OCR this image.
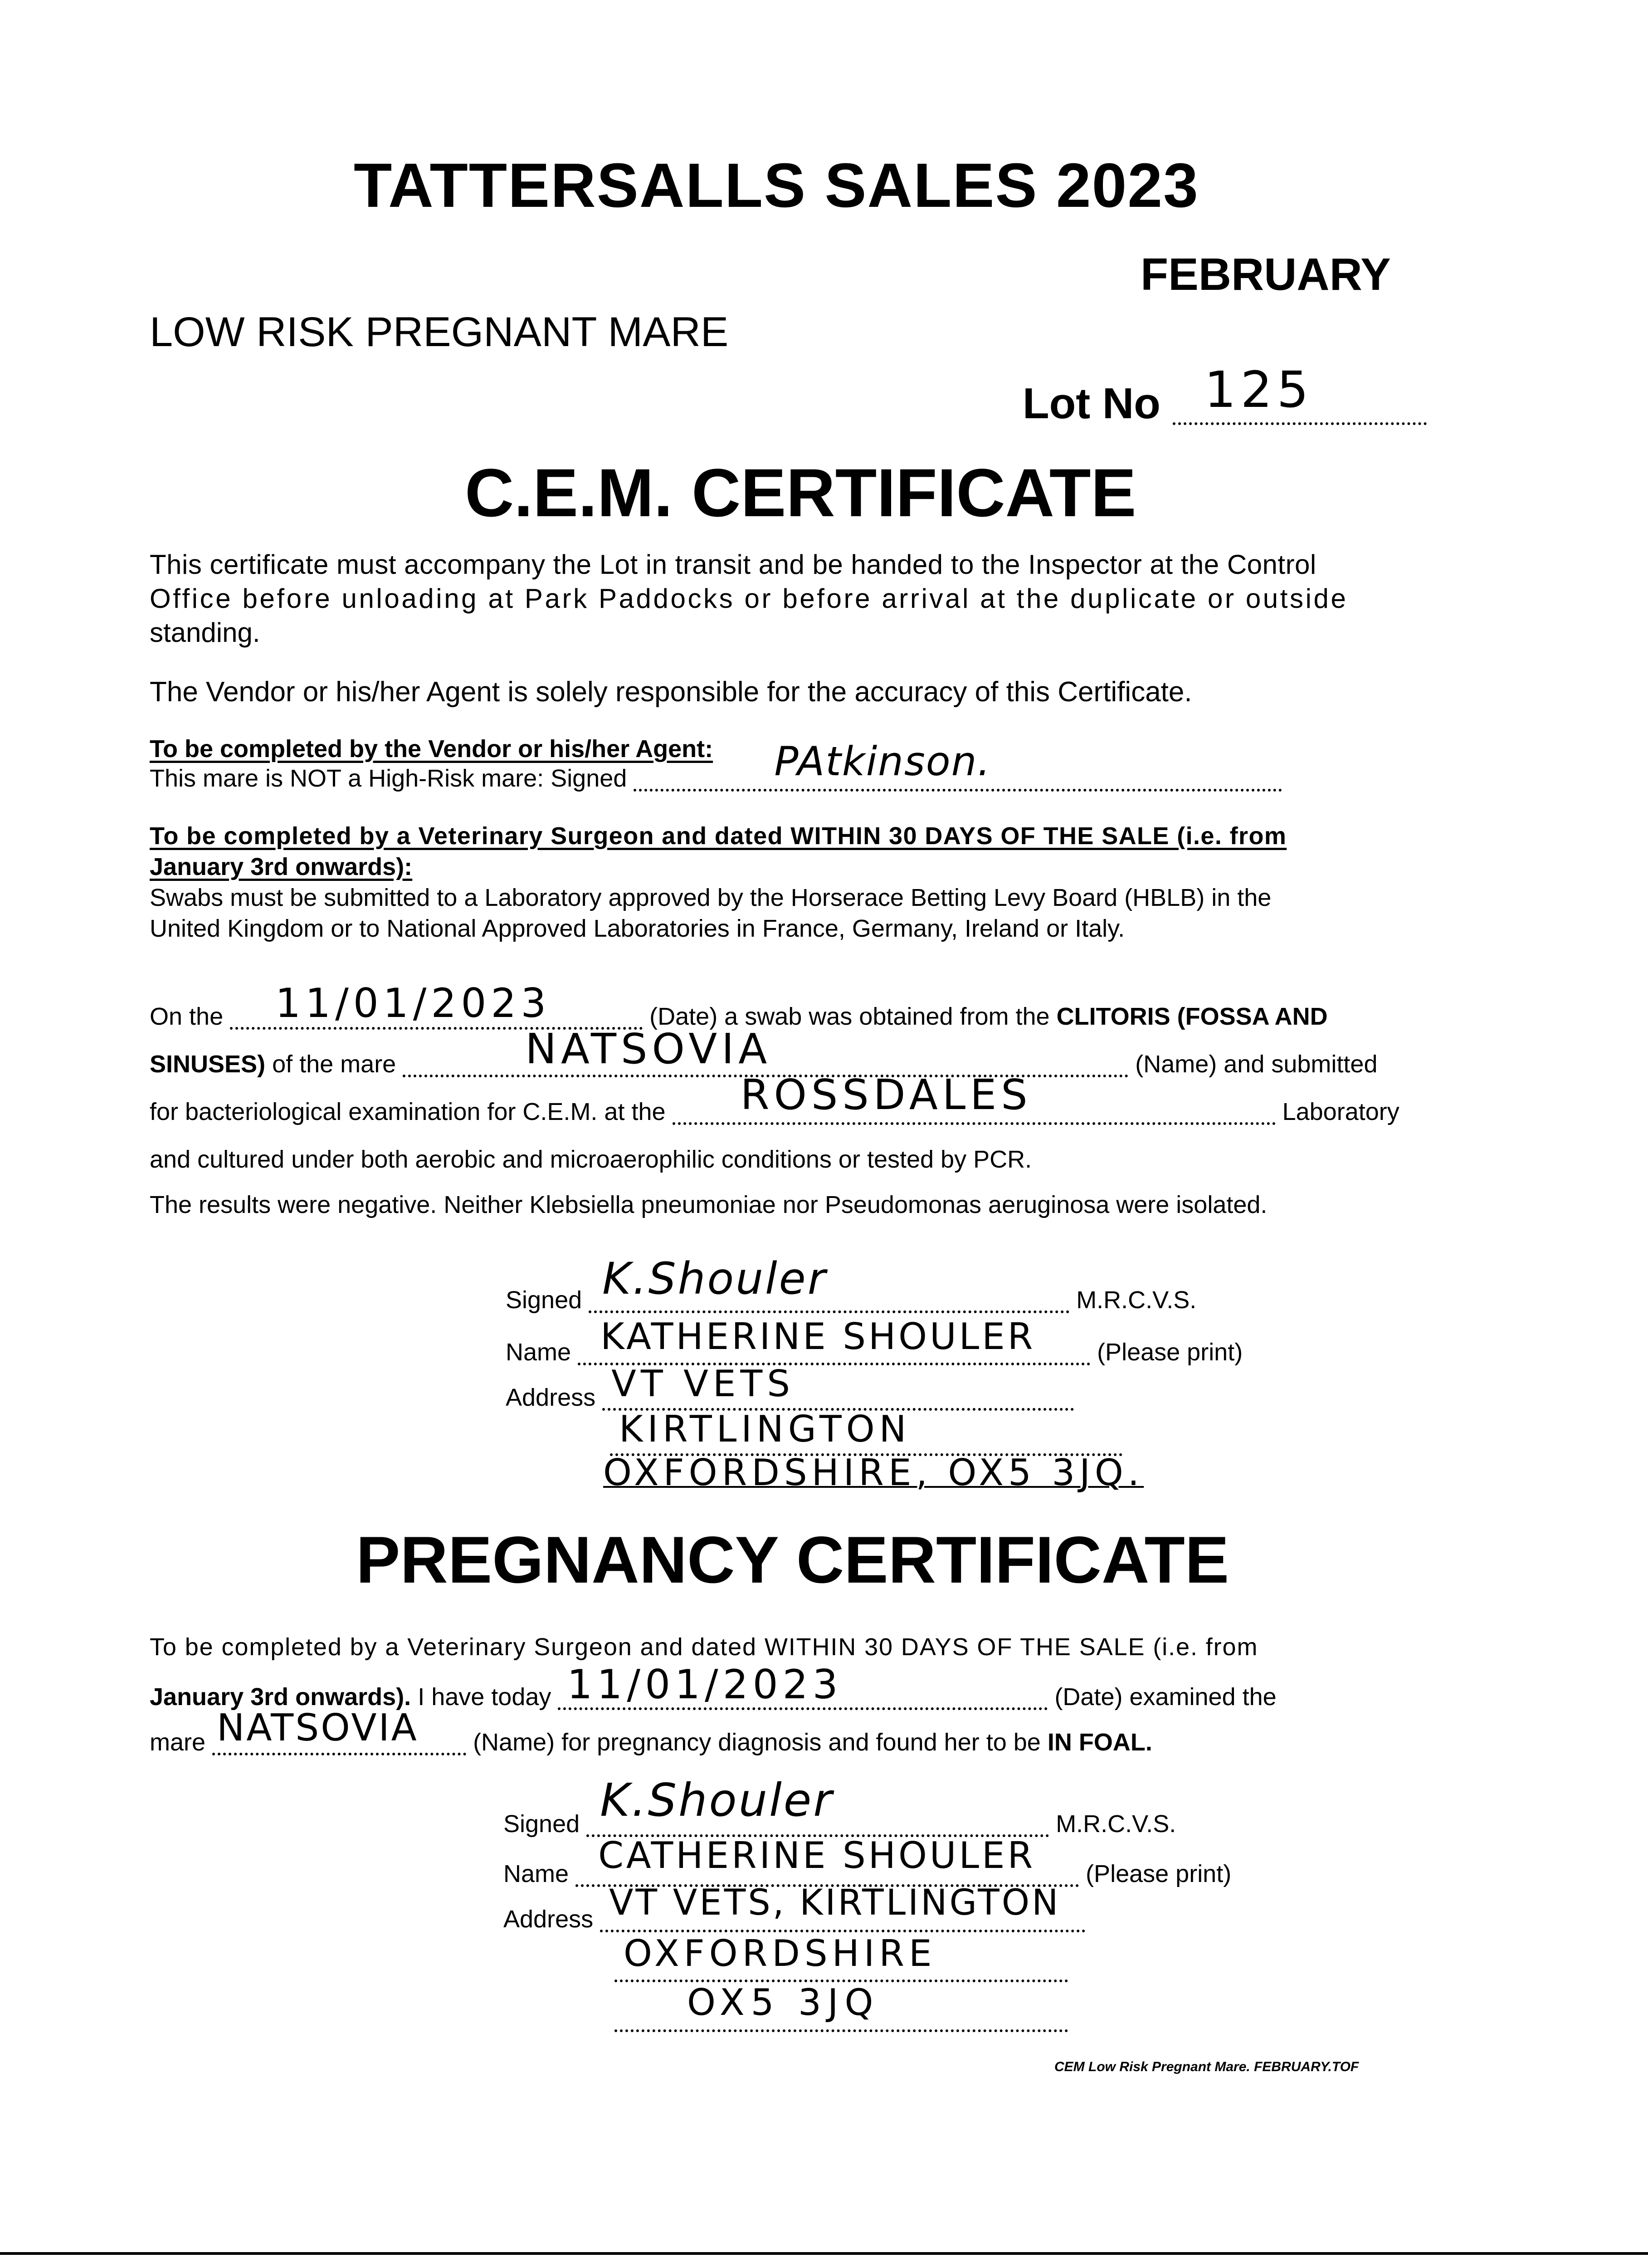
TATTERSALLS SALES 2023
FEBRUARY
LOW RISK PREGNANT MARE
Lot No 125
C.E.M. CERTIFICATE
This certificate must accompany the Lot in transit and be handed to the Inspector at the Control
Office before unloading at Park Paddocks or before arrival at the duplicate or outside
standing.
The Vendor or his/her Agent is solely responsible for the accuracy of this Certificate.
To be completed by the Vendor or his/her Agent:
This mare is NOT a High-Risk mare: Signed	PAtkinson.
To be completed by a Veterinary Surgeon and dated WITHIN 30 DAYS OF THE SALE (i.e. from
January 3rd onwards):
Swabs must be submitted to a Laboratory approved by the Horserace Betting Levy Board (HBLB) in the
United Kingdom or to National Approved Laboratories in France, Germany, Ireland or Italy.
On the 11/01/2023	(Date) a swab was obtained from the CLITORIS (FOSSA AND
SINUSES) of the mare	NATSOVIA	(Name) and submitted
for bacteriological examination for C.E.M. at the ROSSDALES	Laboratory
and cultured under both aerobic and microaerophilic conditions or tested by PCR.
The results were negative. Neither Klebsiella pneumoniae nor Pseudomonas aeruginosa were isolated.
Signed K.Shouler	M.R.C.V.S.
Name KATHERINE SHOULER	(Please print)
Address VT VETS
KIRTLINGTON
OXFORDSHIRE, OX5 3JQ.
PREGNANCY CERTIFICATE
To be completed by a Veterinary Surgeon and dated WITHIN 30 DAYS OF THE SALE (i.e. from
January 3rd onwards). I have today 11/01/2023	(Date) examined the
mare NATSOVIA (Name) for pregnancy diagnosis and found her to be IN FOAL.
Signed K.Shouler	M.R.C.V.S.
Name CATHERINE SHOULER (Please print)
Address VT VETS, KIRTLINGTON
OXFORDSHIRE
OX5 3JQ
CEM Low Risk Pregnant Mare. FEBRUARY.TOF
